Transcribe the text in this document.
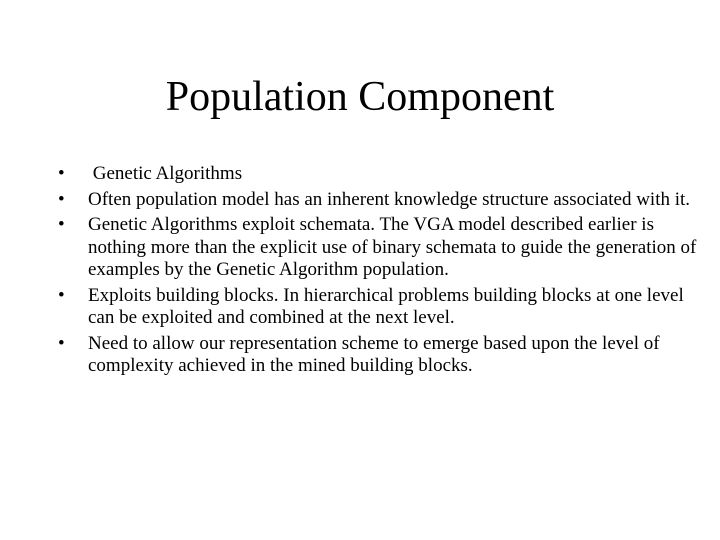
Population Component
•	Genetic Algorithms
•	Often population model has an inherent knowledge structure associated with it.
•	Genetic Algorithms exploit schemata. The VGA model described earlier is nothing more than the explicit use of binary schemata to guide the generation of examples by the Genetic Algorithm population.
•	Exploits building blocks. In hierarchical problems building blocks at one level can be exploited and combined at the next level.
•	Need to allow our representation scheme to emerge based upon the level of complexity achieved in the mined building blocks.
